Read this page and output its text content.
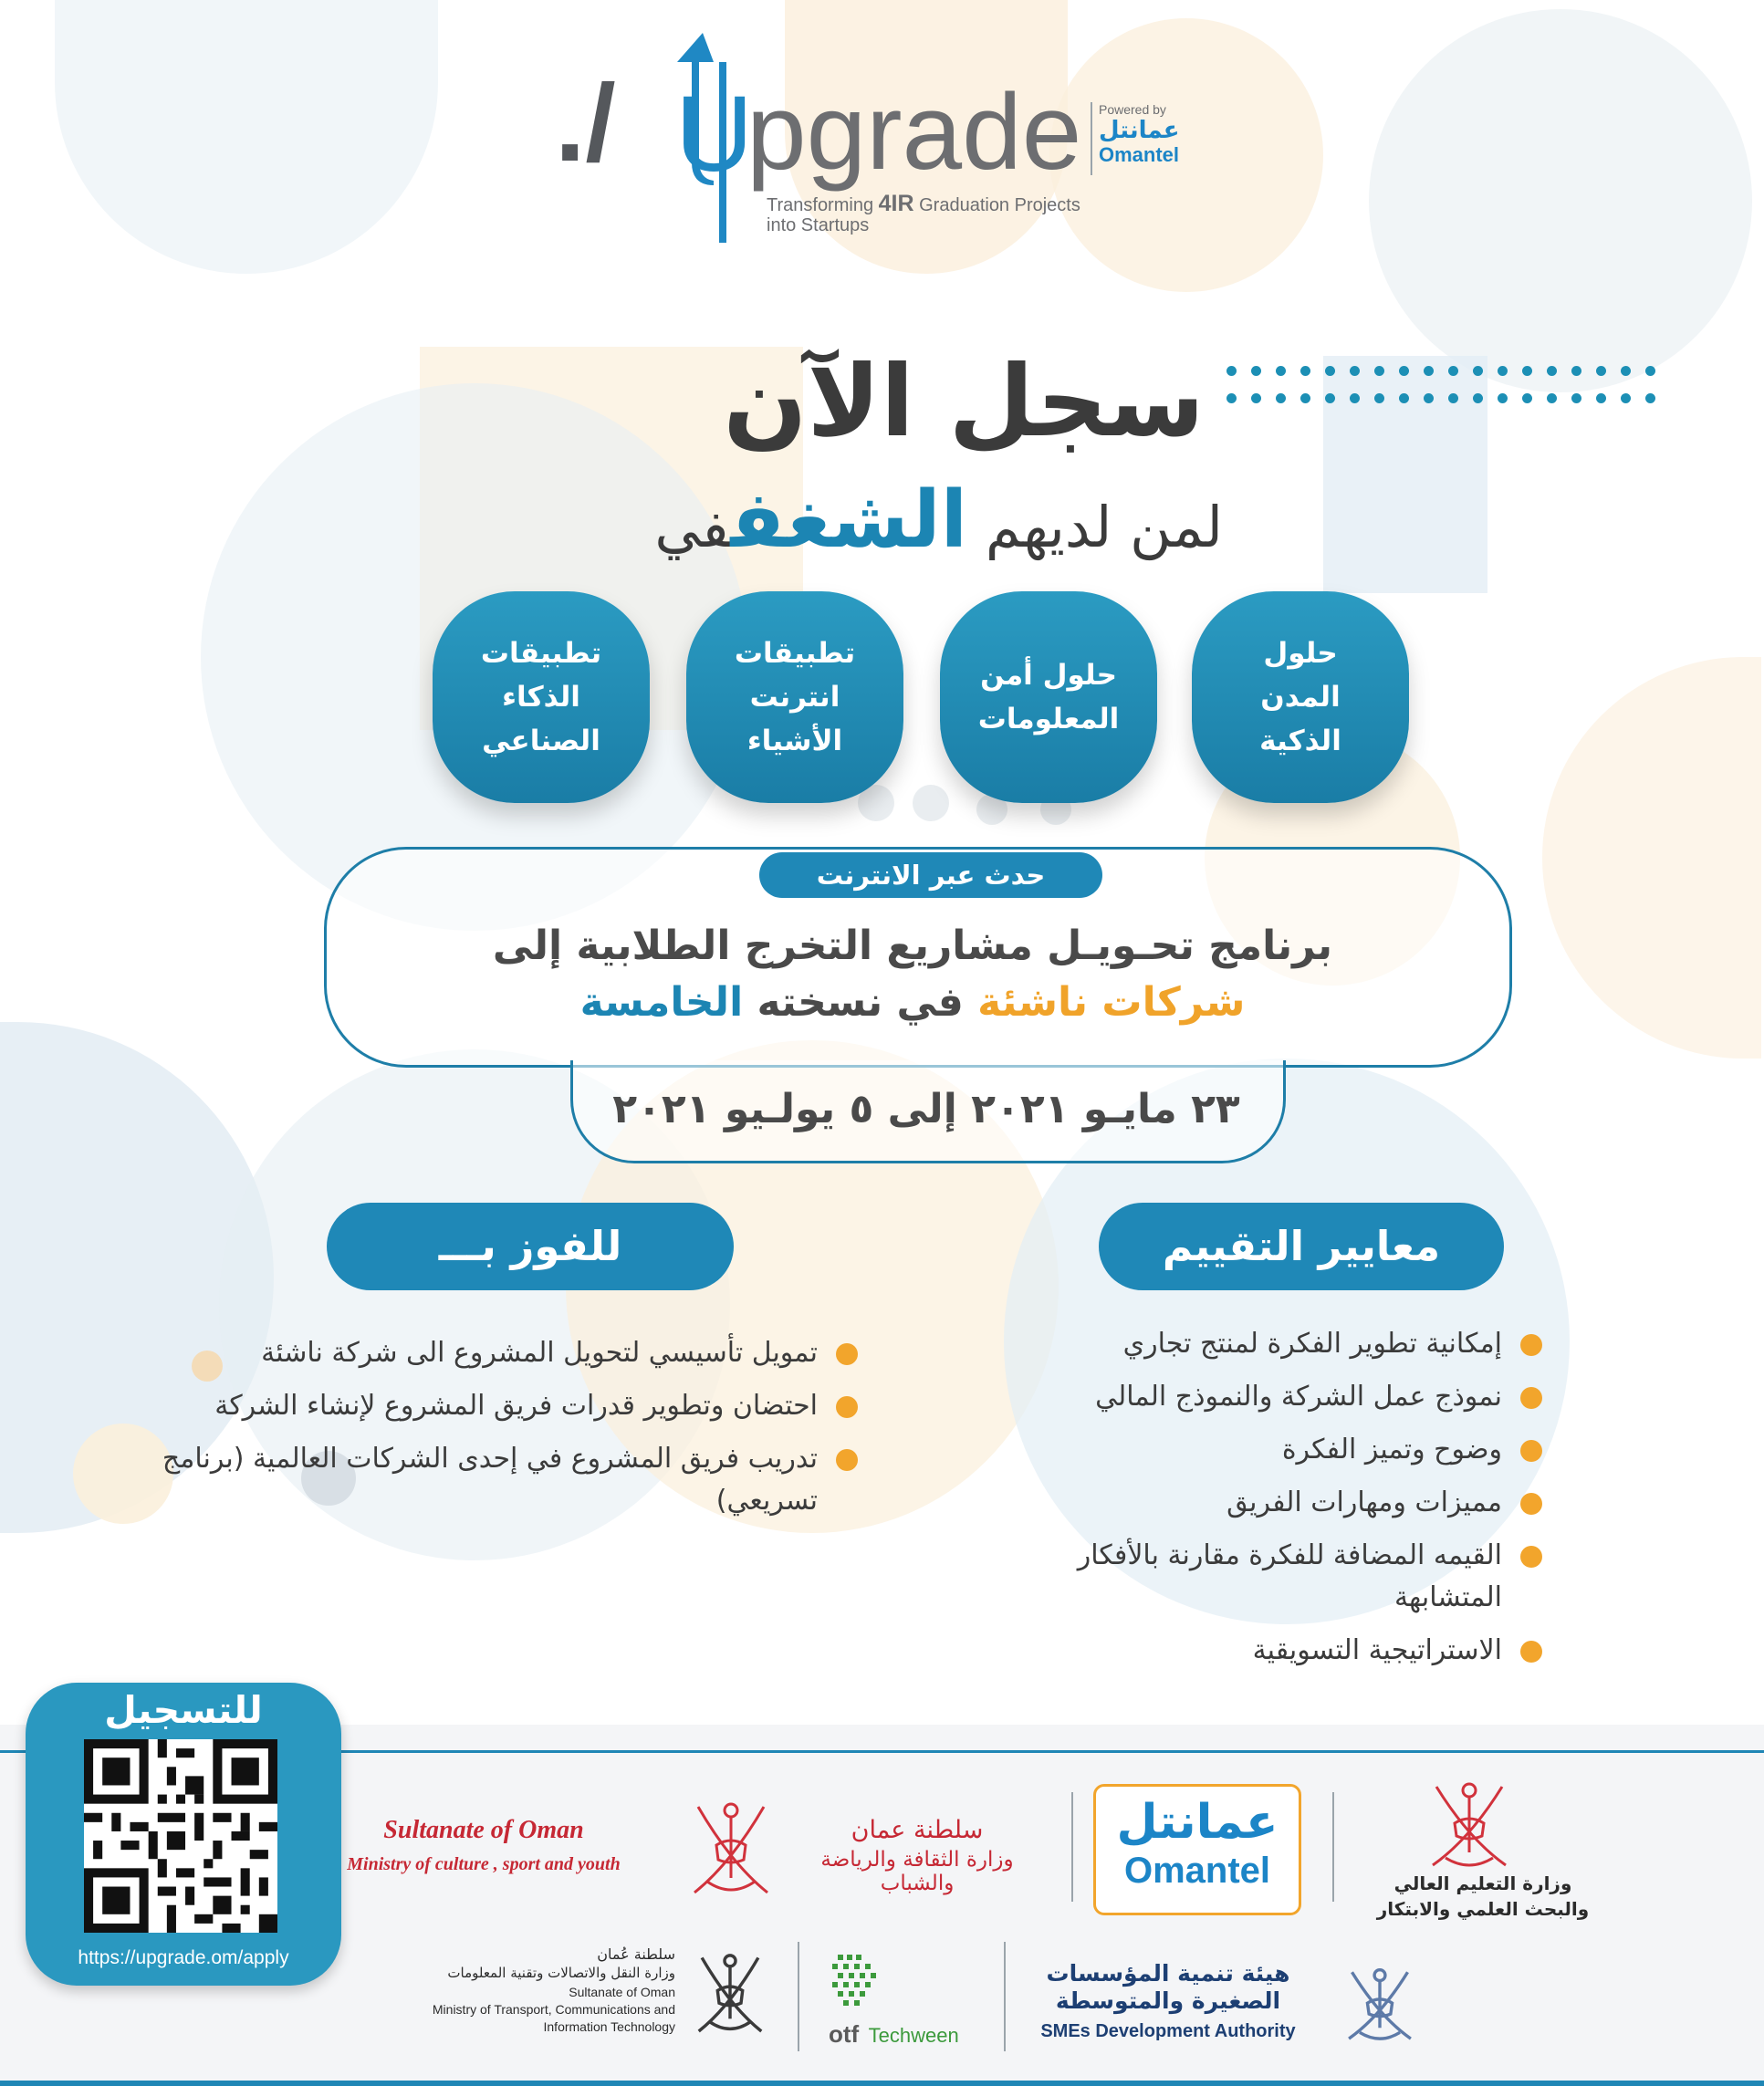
./ U
pgrade
Transforming 4IR Graduation Projects
into Startups
Powered by
عمانتل
Omantel
سجل الآن
لمن لديهم الشغففي
حلول المدن الذكية
حلول أمن المعلومات
تطبيقات انترنت الأشياء
تطبيقات الذكاء الصناعي
حدث عبر الانترنت
برنامج تحـويـل مشاريع التخرج الطلابية إلى
شركات ناشئة في نسخته الخامسة
٢٣ مايـو ٢٠٢١ إلى ٥ يولـيو ٢٠٢١
معايير التقييم
للفوز بـــ
إمكانية تطوير الفكرة لمنتج تجاري
نموذج عمل الشركة والنموذج المالي
وضوح وتميز الفكرة
مميزات ومهارات الفريق
القيمه المضافة للفكرة مقارنة بالأفكار المتشابهة
الاستراتيجية التسويقية
تمويل تأسيسي لتحويل المشروع الى شركة ناشئة
احتضان وتطوير قدرات فريق المشروع لإنشاء الشركة
تدريب فريق المشروع في إحدى الشركات العالمية (برنامج تسريعي)
للتسجيل
https://upgrade.om/apply
Sultanate of Oman
Ministry of culture , sport and youth
سلطنة عمان
وزارة الثقافة والرياضة والشباب
عمانتل
Omantel	وزارة التعليم العالي
والبحث العلمي والابتكار
سلطنة عُمان
وزارة النقل والاتصالات وتقنية المعلومات
Sultanate of Oman
Ministry of Transport, Communications and
Information Technology	otf Techween
هيئة تنمية المؤسسات
الصغيرة والمتوسطة
SMEs Development Authority
